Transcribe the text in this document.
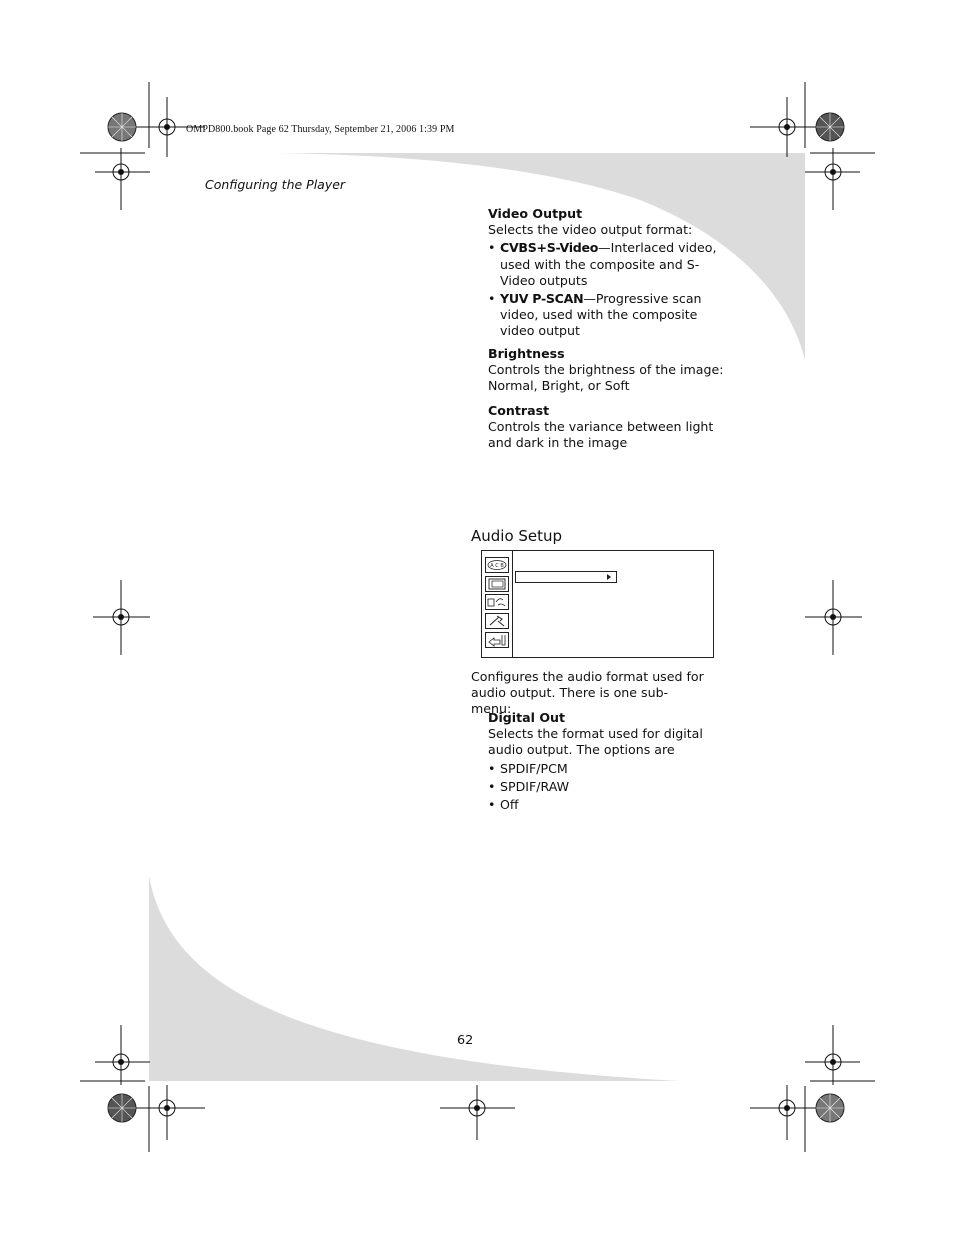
OMPD800.book Page 62 Thursday, September 21, 2006 1:39 PM
Configuring the Player
Video Output
Selects the video output format:
• CVBS+S-Video—Interlaced video, used with the composite and S-Video outputs
• YUV P-SCAN—Progressive scan video, used with the composite video output
Brightness
Controls the brightness of the image: Normal, Bright, or Soft
Contrast
Controls the variance between light and dark in the image
Audio Setup
A C B
Configures the audio format used for audio output. There is one sub-menu:
Digital Out
Selects the format used for digital audio output. The options are
• SPDIF/PCM
• SPDIF/RAW
• Off
62
